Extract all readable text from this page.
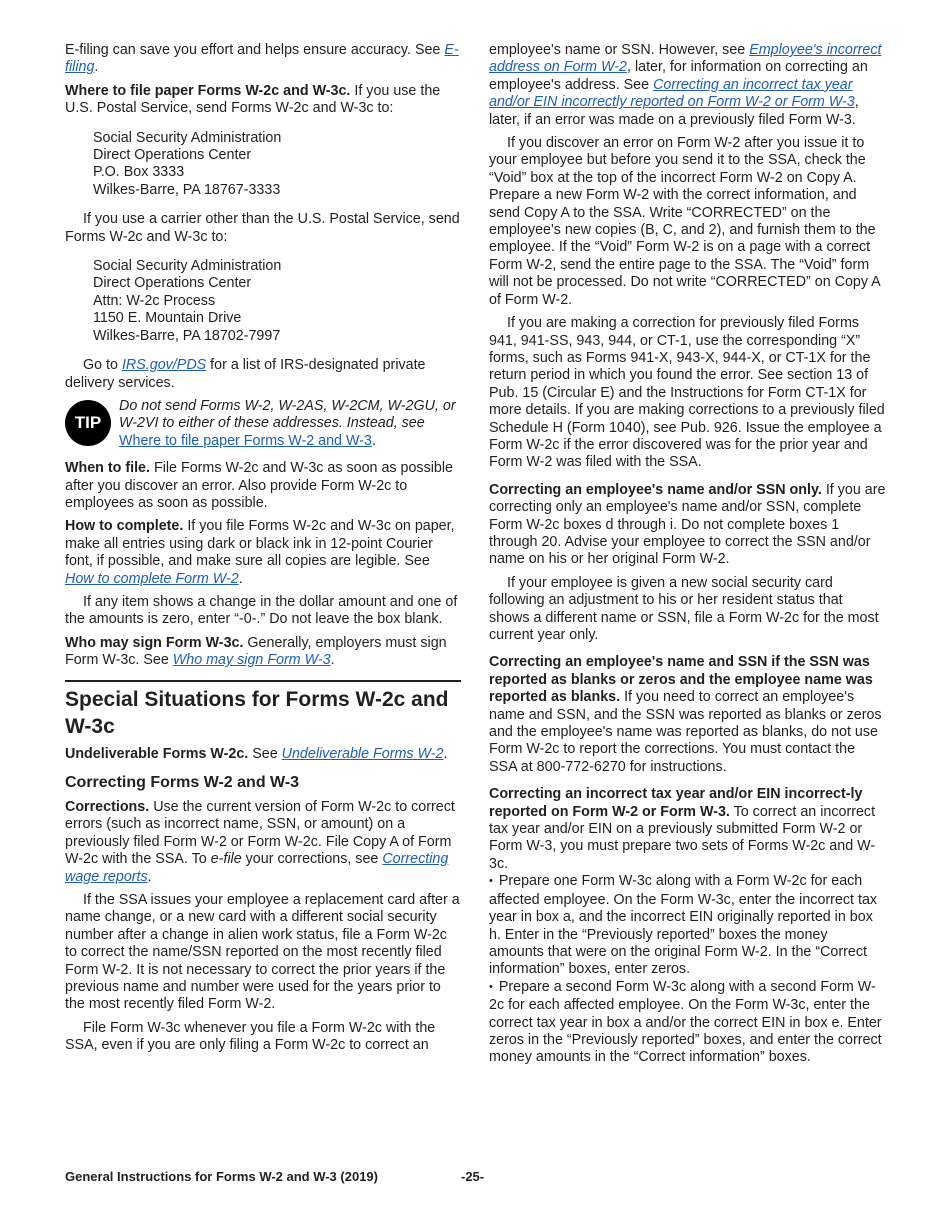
E-filing can save you effort and helps ensure accuracy. See E-filing.

Where to file paper Forms W-2c and W-3c. If you use the U.S. Postal Service, send Forms W-2c and W-3c to:

Social Security Administration
Direct Operations Center
P.O. Box 3333
Wilkes-Barre, PA 18767-3333

If you use a carrier other than the U.S. Postal Service, send Forms W-2c and W-3c to:

Social Security Administration
Direct Operations Center
Attn: W-2c Process
1150 E. Mountain Drive
Wilkes-Barre, PA 18702-7997

Go to IRS.gov/PDS for a list of IRS-designated private delivery services.

TIP
Do not send Forms W-2, W-2AS, W-2CM, W-2GU, or W-2VI to either of these addresses. Instead, see Where to file paper Forms W-2 and W-3.

When to file. File Forms W-2c and W-3c as soon as possible after you discover an error. Also provide Form W-2c to employees as soon as possible.

How to complete. If you file Forms W-2c and W-3c on paper, make all entries using dark or black ink in 12-point Courier font, if possible, and make sure all copies are legible. See How to complete Form W-2.

If any item shows a change in the dollar amount and one of the amounts is zero, enter “-0-.” Do not leave the box blank.

Who may sign Form W-3c. Generally, employers must sign Form W-3c. See Who may sign Form W-3.

Special Situations for Forms W-2c and W-3c

Undeliverable Forms W-2c. See Undeliverable Forms W-2.

Correcting Forms W-2 and W-3

Corrections. Use the current version of Form W-2c to correct errors (such as incorrect name, SSN, or amount) on a previously filed Form W-2 or Form W-2c. File Copy A of Form W-2c with the SSA. To e-file your corrections, see Correcting wage reports.

If the SSA issues your employee a replacement card after a name change, or a new card with a different social security number after a change in alien work status, file a Form W-2c to correct the name/SSN reported on the most recently filed Form W-2. It is not necessary to correct the prior years if the previous name and number were used for the years prior to the most recently filed Form W-2.

File Form W-3c whenever you file a Form W-2c with the SSA, even if you are only filing a Form W-2c to correct an

employee's name or SSN. However, see Employee's incorrect address on Form W-2, later, for information on correcting an employee's address. See Correcting an incorrect tax year and/or EIN incorrectly reported on Form W-2 or Form W-3, later, if an error was made on a previously filed Form W-3.

If you discover an error on Form W-2 after you issue it to your employee but before you send it to the SSA, check the “Void” box at the top of the incorrect Form W-2 on Copy A. Prepare a new Form W-2 with the correct information, and send Copy A to the SSA. Write “CORRECTED” on the employee's new copies (B, C, and 2), and furnish them to the employee. If the “Void” Form W-2 is on a page with a correct Form W-2, send the entire page to the SSA. The “Void” form will not be processed. Do not write “CORRECTED” on Copy A of Form W-2.

If you are making a correction for previously filed Forms 941, 941-SS, 943, 944, or CT-1, use the corresponding “X” forms, such as Forms 941-X, 943-X, 944-X, or CT-1X for the return period in which you found the error. See section 13 of Pub. 15 (Circular E) and the Instructions for Form CT-1X for more details. If you are making corrections to a previously filed Schedule H (Form 1040), see Pub. 926. Issue the employee a Form W-2c if the error discovered was for the prior year and Form W-2 was filed with the SSA.

Correcting an employee's name and/or SSN only. If you are correcting only an employee's name and/or SSN, complete Form W-2c boxes d through i. Do not complete boxes 1 through 20. Advise your employee to correct the SSN and/or name on his or her original Form W-2.

If your employee is given a new social security card following an adjustment to his or her resident status that shows a different name or SSN, file a Form W-2c for the most current year only.

Correcting an employee's name and SSN if the SSN was reported as blanks or zeros and the employee name was reported as blanks. If you need to correct an employee's name and SSN, and the SSN was reported as blanks or zeros and the employee's name was reported as blanks, do not use Form W-2c to report the corrections. You must contact the SSA at 800-772-6270 for instructions.

Correcting an incorrect tax year and/or EIN incorrect-ly reported on Form W-2 or Form W-3. To correct an incorrect tax year and/or EIN on a previously submitted Form W-2 or Form W-3, you must prepare two sets of Forms W-2c and W-3c.

• Prepare one Form W-3c along with a Form W-2c for each affected employee. On the Form W-3c, enter the incorrect tax year in box a, and the incorrect EIN originally reported in box h. Enter in the “Previously reported” boxes the money amounts that were on the original Form W-2. In the “Correct information” boxes, enter zeros.

• Prepare a second Form W-3c along with a second Form W-2c for each affected employee. On the Form W-3c, enter the correct tax year in box a and/or the correct EIN in box e. Enter zeros in the “Previously reported” boxes, and enter the correct money amounts in the “Correct information” boxes.

General Instructions for Forms W-2 and W-3 (2019)	-25-
